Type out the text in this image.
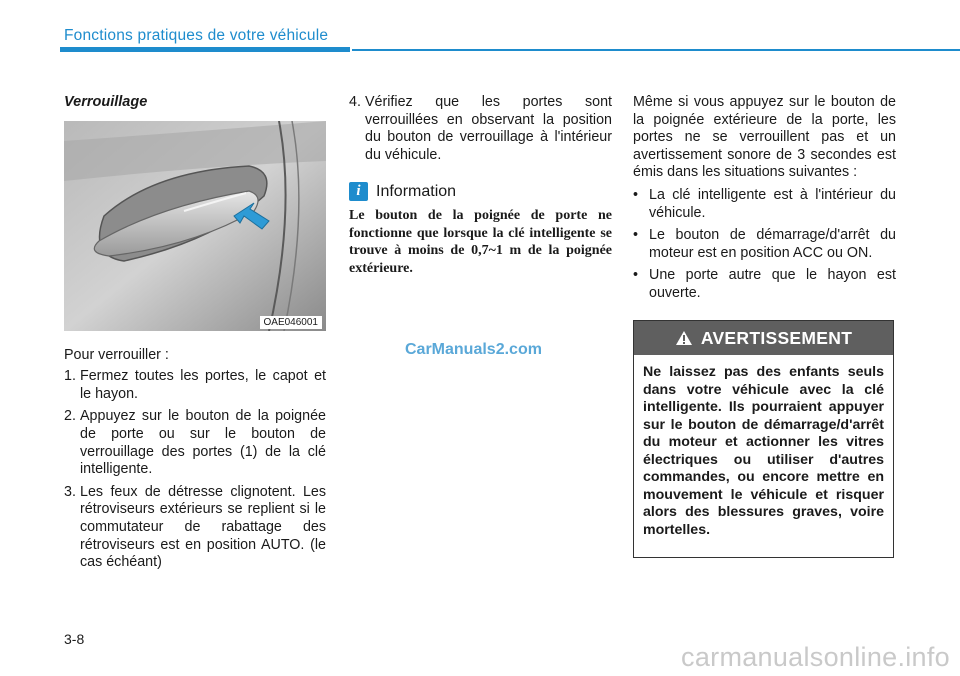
Fonctions pratiques de votre véhicule
Verrouillage
OAE046001
Pour verrouiller :
1. Fermez toutes les portes, le capot et le hayon.
2. Appuyez sur le bouton de la poignée de porte ou sur le bouton de verrouillage des portes (1) de la clé intelligente.
3. Les feux de détresse clignotent. Les rétroviseurs extérieurs se replient si le commutateur de rabattage des rétroviseurs est en position AUTO. (le cas échéant)
4. Vérifiez que les portes sont verrouillées en observant la position du bouton de verrouillage à l'intérieur du véhicule.
i Information
Le bouton de la poignée de porte ne fonctionne que lorsque la clé intelligente se trouve à moins de 0,7~1 m de la poignée extérieure.
Même si vous appuyez sur le bouton de la poignée extérieure de la porte, les portes ne se verrouillent pas et un avertissement sonore de 3 secondes est émis dans les situations suivantes :
• La clé intelligente est à l'intérieur du véhicule.
• Le bouton de démarrage/d'arrêt du moteur est en position ACC ou ON.
• Une porte autre que le hayon est ouverte.
AVERTISSEMENT
Ne laissez pas des enfants seuls dans votre véhicule avec la clé intelligente. Ils pourraient appuyer sur le bouton de démarrage/d'arrêt du moteur et actionner les vitres électriques ou utiliser d'autres commandes, ou encore mettre en mouvement le véhicule et risquer alors des blessures graves, voire mortelles.
CarManuals2.com
3-8
carmanualsonline.info
